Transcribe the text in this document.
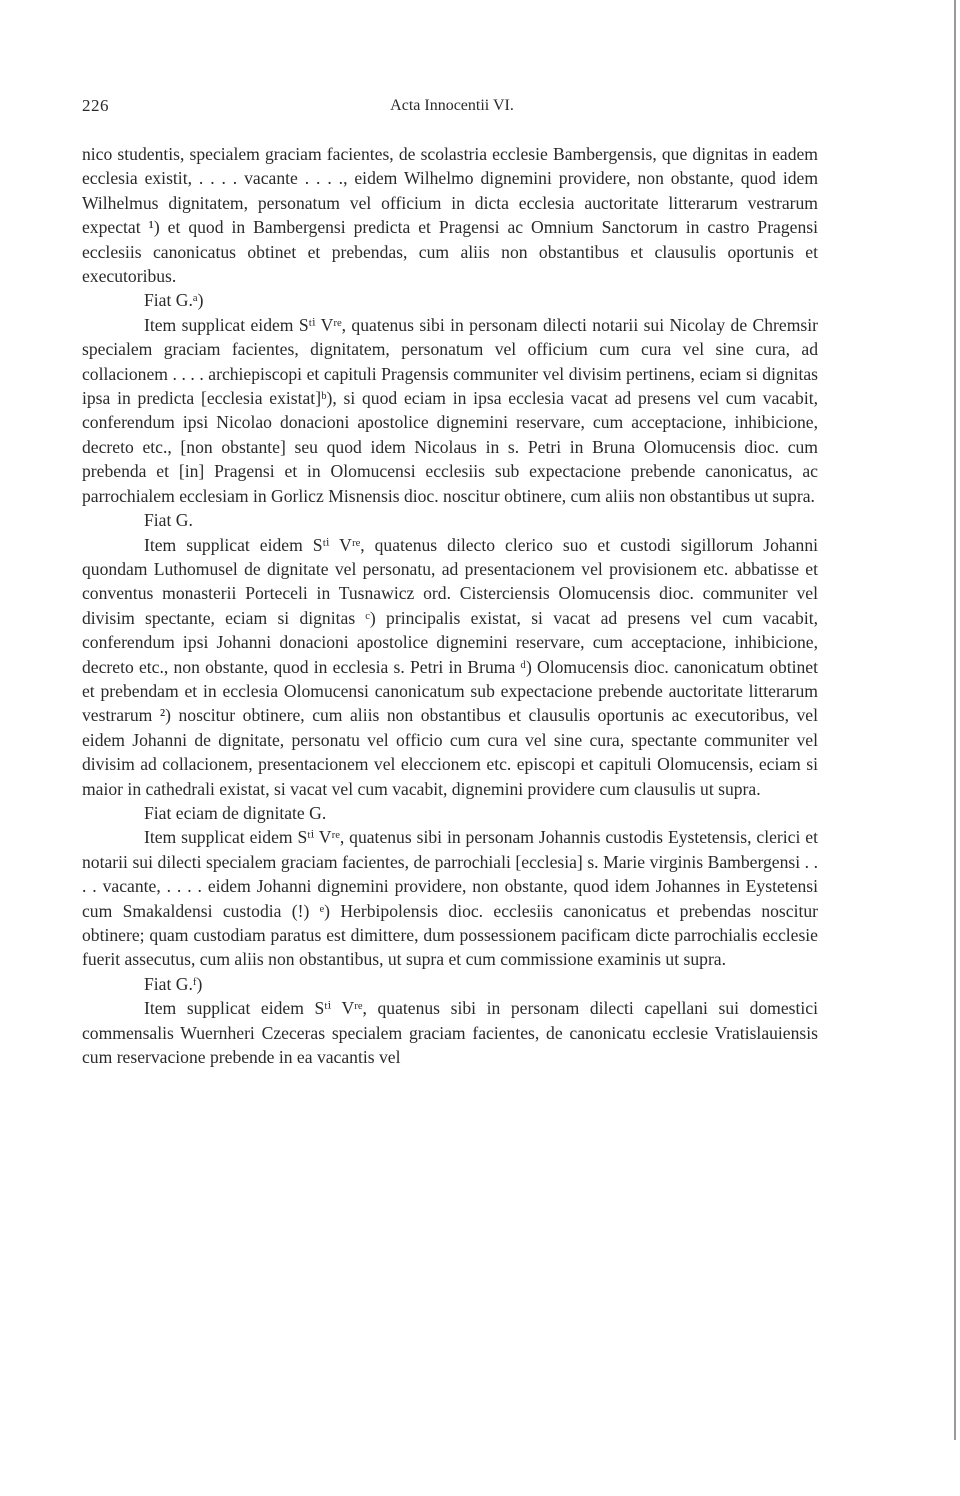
226	Acta Innocentii VI.

nico studentis, specialem graciam facientes, de scolastria ecclesie Bambergensis, que dignitas in eadem ecclesia existit, . . . . vacante . . . ., eidem Wilhelmo dignemini providere, non obstante, quod idem Wilhelmus dignitatem, personatum vel officium in dicta ecclesia auctoritate litterarum vestrarum expectat ¹) et quod in Bambergensi predicta et Pragensi ac Omnium Sanctorum in castro Pragensi ecclesiis canonicatus obtinet et prebendas, cum aliis non obstantibus et clausulis oportunis et executoribus.

Fiat G.ᵃ)

Item supplicat eidem Sᵗⁱ Vʳᵉ, quatenus sibi in personam dilecti notarii sui Nicolay de Chremsir specialem graciam facientes, dignitatem, personatum vel officium cum cura vel sine cura, ad collacionem . . . . archiepiscopi et capituli Pragensis communiter vel divisim pertinens, eciam si dignitas ipsa in predicta [ecclesia existat]ᵇ), si quod eciam in ipsa ecclesia vacat ad presens vel cum vacabit, conferendum ipsi Nicolao donacioni apostolice dignemini reservare, cum acceptacione, inhibicione, decreto etc., [non obstante] seu quod idem Nicolaus in s. Petri in Bruna Olomucensis dioc. cum prebenda et [in] Pragensi et in Olomucensi ecclesiis sub expectacione prebende canonicatus, ac parrochialem ecclesiam in Gorlicz Misnensis dioc. noscitur obtinere, cum aliis non obstantibus ut supra.

Fiat G.

Item supplicat eidem Sᵗⁱ Vʳᵉ, quatenus dilecto clerico suo et custodi sigillorum Johanni quondam Luthomusel de dignitate vel personatu, ad presentacionem vel provisionem etc. abbatisse et conventus monasterii Porteceli in Tusnawicz ord. Cisterciensis Olomucensis dioc. communiter vel divisim spectante, eciam si dignitas ᶜ) principalis existat, si vacat ad presens vel cum vacabit, conferendum ipsi Johanni donacioni apostolice dignemini reservare, cum acceptacione, inhibicione, decreto etc., non obstante, quod in ecclesia s. Petri in Bruma ᵈ) Olomucensis dioc. canonicatum obtinet et prebendam et in ecclesia Olomucensi canonicatum sub expectacione prebende auctoritate litterarum vestrarum ²) noscitur obtinere, cum aliis non obstantibus et clausulis oportunis ac executoribus, vel eidem Johanni de dignitate, personatu vel officio cum cura vel sine cura, spectante communiter vel divisim ad collacionem, presentacionem vel eleccionem etc. episcopi et capituli Olomucensis, eciam si maior in cathedrali existat, si vacat vel cum vacabit, dignemini providere cum clausulis ut supra.

Fiat eciam de dignitate G.

Item supplicat eidem Sᵗⁱ Vʳᵉ, quatenus sibi in personam Johannis custodis Eystetensis, clerici et notarii sui dilecti specialem graciam facientes, de parrochiali [ecclesia] s. Marie virginis Bambergensi . . . . vacante, . . . . eidem Johanni dignemini providere, non obstante, quod idem Johannes in Eystetensi cum Smakaldensi custodia (!) ᵉ) Herbipolensis dioc. ecclesiis canonicatus et prebendas noscitur obtinere; quam custodiam paratus est dimittere, dum possessionem pacificam dicte parrochialis ecclesie fuerit assecutus, cum aliis non obstantibus, ut supra et cum commissione examinis ut supra.

Fiat G.ᶠ)

Item supplicat eidem Sᵗⁱ Vʳᵉ, quatenus sibi in personam dilecti capellani sui domestici commensalis Wuernheri Czeceras specialem graciam facientes, de canonicatu ecclesie Vratislauiensis cum reservacione prebende in ea vacantis vel
